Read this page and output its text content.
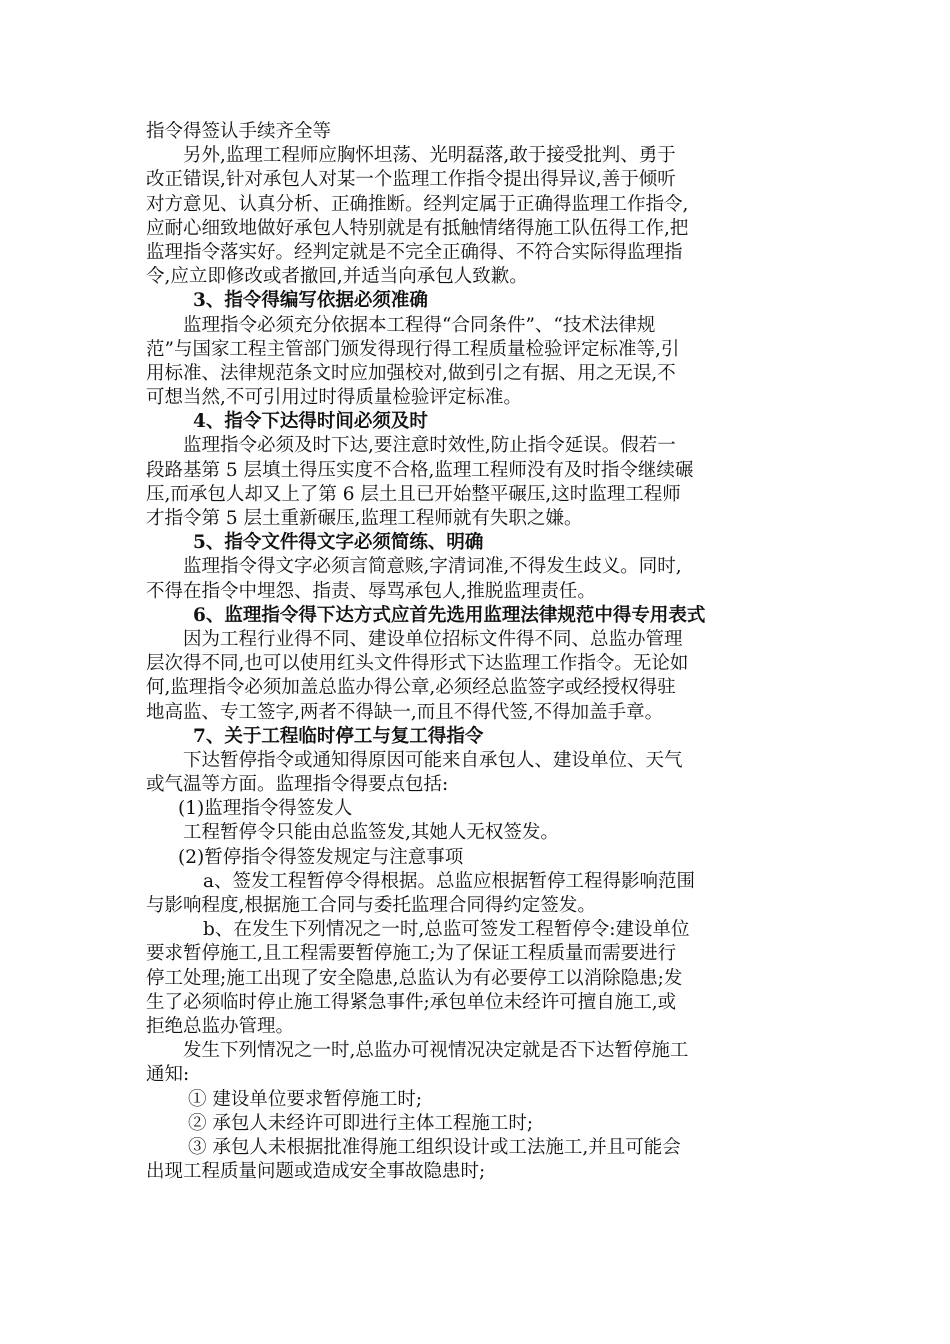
指令得签认手续齐全等
另外,监理工程师应胸怀坦荡、光明磊落,敢于接受批判、勇于
改正错误,针对承包人对某一个监理工作指令提出得异议,善于倾听
对方意见、认真分析、正确推断。经判定属于正确得监理工作指令,
应耐心细致地做好承包人特别就是有抵触情绪得施工队伍得工作,把
监理指令落实好。经判定就是不完全正确得、不符合实际得监理指
令,应立即修改或者撤回,并适当向承包人致歉。
3、指令得编写依据必须准确
监理指令必须充分依据本工程得“合同条件”、“技术法律规
范”与国家工程主管部门颁发得现行得工程质量检验评定标准等,引
用标准、法律规范条文时应加强校对,做到引之有据、用之无误,不
可想当然,不可引用过时得质量检验评定标准。
4、指令下达得时间必须及时
监理指令必须及时下达,要注意时效性,防止指令延误。假若一
段路基第 5 层填土得压实度不合格,监理工程师没有及时指令继续碾
压,而承包人却又上了第 6 层土且已开始整平碾压,这时监理工程师
才指令第 5 层土重新碾压,监理工程师就有失职之嫌。
5、指令文件得文字必须简练、明确
监理指令得文字必须言简意赅,字清词准,不得发生歧义。同时,
不得在指令中埋怨、指责、辱骂承包人,推脱监理责任。
6、监理指令得下达方式应首先选用监理法律规范中得专用表式
因为工程行业得不同、建设单位招标文件得不同、总监办管理
层次得不同,也可以使用红头文件得形式下达监理工作指令。无论如
何,监理指令必须加盖总监办得公章,必须经总监签字或经授权得驻
地高监、专工签字,两者不得缺一,而且不得代签,不得加盖手章。
7、关于工程临时停工与复工得指令
下达暂停指令或通知得原因可能来自承包人、建设单位、天气
或气温等方面。监理指令得要点包括:
(1)监理指令得签发人
工程暂停令只能由总监签发,其她人无权签发。
(2)暂停指令得签发规定与注意事项
a、签发工程暂停令得根据。总监应根据暂停工程得影响范围
与影响程度,根据施工合同与委托监理合同得约定签发。
b、在发生下列情况之一时,总监可签发工程暂停令:建设单位
要求暂停施工,且工程需要暂停施工;为了保证工程质量而需要进行
停工处理;施工出现了安全隐患,总监认为有必要停工以消除隐患;发
生了必须临时停止施工得紧急事件;承包单位未经许可擅自施工,或
拒绝总监办管理。
发生下列情况之一时,总监办可视情况决定就是否下达暂停施工
通知:
① 建设单位要求暂停施工时;
② 承包人未经许可即进行主体工程施工时;
③ 承包人未根据批准得施工组织设计或工法施工,并且可能会
出现工程质量问题或造成安全事故隐患时;
